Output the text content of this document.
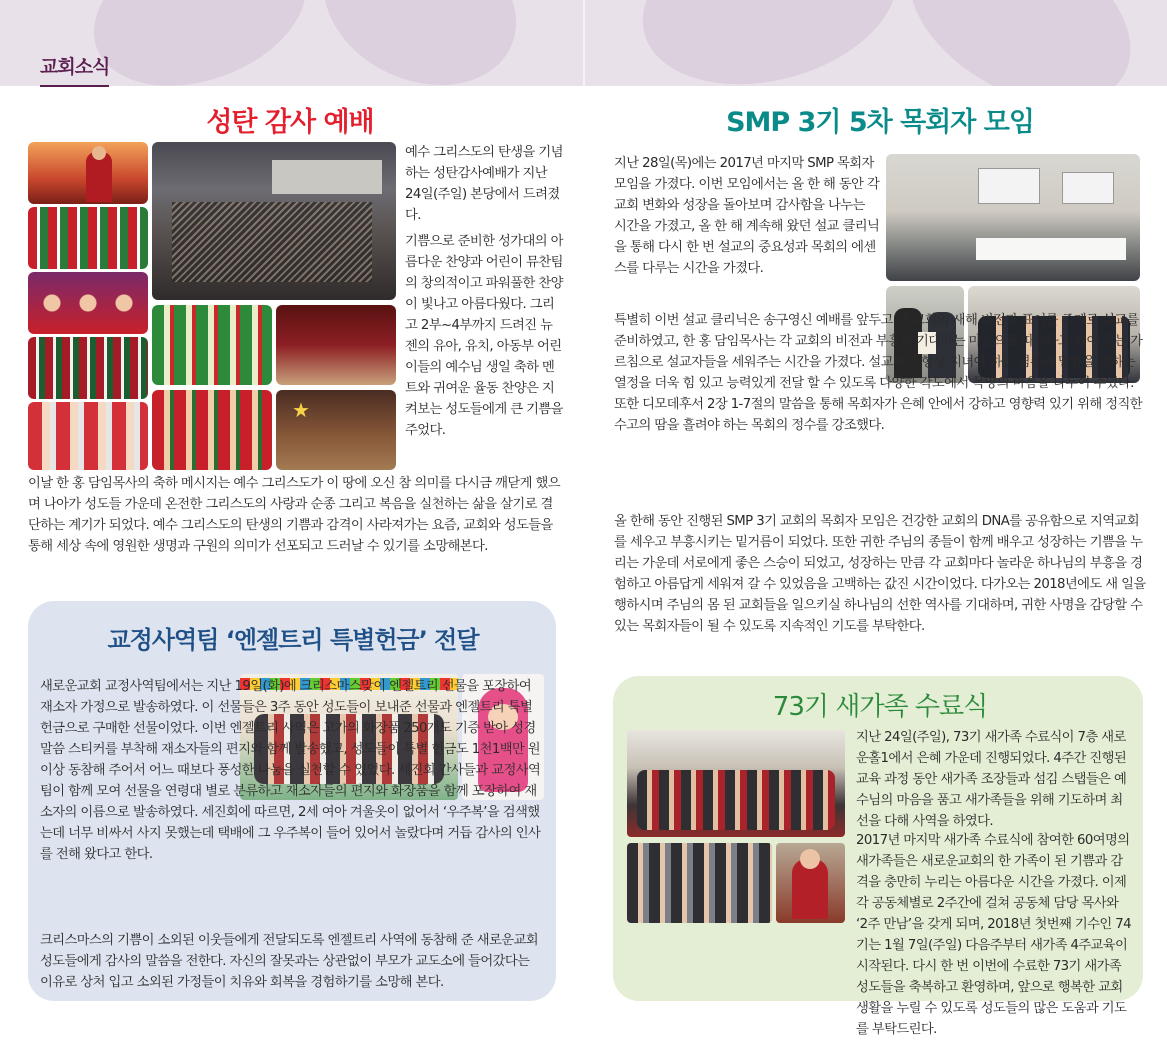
교회소식
성탄 감사 예배
★

예수 그리스도의 탄생을 기념하는 성탄감사예배가 지난 24일(주일) 본당에서 드려졌다.

기쁨으로 준비한 성가대의 아름다운 찬양과 어린이 뮤찬팀의 창의적이고 파워풀한 찬양이 빛나고 아름다웠다. 그리고 2부~4부까지 드려진 뉴젠의 유아, 유치, 아동부 어린이들의 예수님 생일 축하 멘트와 귀여운 율동 찬양은 지켜보는 성도들에게 큰 기쁨을 주었다.

이날 한 홍 담임목사의 축하 메시지는 예수 그리스도가 이 땅에 오신 참 의미를 다시금 깨닫게 했으며 나아가 성도들 가운데 온전한 그리스도의 사랑과 순종 그리고 복음을 실천하는 삶을 살기로 결단하는 계기가 되었다. 예수 그리스도의 탄생의 기쁨과 감격이 사라져가는 요즘, 교회와 성도들을 통해 세상 속에 영원한 생명과 구원의 의미가 선포되고 드러날 수 있기를 소망해본다.

교정사역팀 ‘엔젤트리 특별헌금’ 전달

새로운교회 교정사역팀에서는 지난 19일(화)에 크리스마스맞이 엔젤트리 선물을 포장하여 재소자 가정으로 발송하였다. 이 선물들은 3주 동안 성도들이 보내준 선물과 엔젤트리 특별헌금으로 구매한 선물이었다. 이번 엔젤트리 사역은 고가의 화장품 250개도 기증 받아 성경말씀 스티커를 부착해 재소자들의 편지와 함께 발송했고, 성도들이 특별 헌금도 1천1백만 원 이상 동참해 주어서 어느 때보다 풍성한 나눔을 실천할 수 있었다. 세진회 간사들과 교정사역팀이 함께 모여 선물을 연령대 별로 분류하고 재소자들의 편지와 화장품을 함께 포장하여 재소자의 이름으로 발송하였다. 세진회에 따르면, 2세 여아 겨울옷이 없어서 ‘우주복’을 검색했는데 너무 비싸서 사지 못했는데 택배에 그 우주복이 들어 있어서 놀랐다며 거듭 감사의 인사를 전해 왔다고 한다.

크리스마스의 기쁨이 소외된 이웃들에게 전달되도록 엔젤트리 사역에 동참해 준 새로운교회 성도들에게 감사의 말씀을 전한다. 자신의 잘못과는 상관없이 부모가 교도소에 들어갔다는 이유로 상처 입고 소외된 가정들이 치유와 회복을 경험하기를 소망해 본다.

SMP 3기 5차 목회자 모임

지난 28일(목)에는 2017년 마지막 SMP 목회자 모임을 가졌다. 이번 모임에서는 올 한 해 동안 각 교회 변화와 성장을 돌아보며 감사함을 나누는 시간을 가졌고, 올 한 해 계속해 왔던 설교 클리닉을 통해 다시 한 번 설교의 중요성과 목회의 에센스를 다루는 시간을 가졌다.

특별히 이번 설교 클리닉은 송구영신 예배를 앞두고 각 교회의 새해 비전과 표어를 주제로 설교를 준비하였고, 한 홍 담임목사는 각 교회의 비전과 부흥을 기대하는 마음으로 따뜻하고 깊이 있는 가르침으로 설교자들을 세워주는 시간을 가졌다. 설교자가 항상 지녀야 하는 겸손과 말씀을 전하는 열정을 더욱 힘 있고 능력있게 전달 할 수 있도록 다양한 각도에서 목양의 마음을 나누어 주었다. 또한 디모데후서 2장 1-7절의 말씀을 통해 목회자가 은혜 안에서 강하고 영향력 있기 위해 정직한 수고의 땀을 흘려야 하는 목회의 정수를 강조했다.

올 한해 동안 진행된 SMP 3기 교회의 목회자 모임은 건강한 교회의 DNA를 공유함으로 지역교회를 세우고 부흥시키는 밑거름이 되었다. 또한 귀한 주님의 종들이 함께 배우고 성장하는 기쁨을 누리는 가운데 서로에게 좋은 스승이 되었고, 성장하는 만큼 각 교회마다 놀라운 하나님의 부흥을 경험하고 아름답게 세워져 갈 수 있었음을 고백하는 값진 시간이었다. 다가오는 2018년에도 새 일을 행하시며 주님의 몸 된 교회들을 일으키실 하나님의 선한 역사를 기대하며, 귀한 사명을 감당할 수 있는 목회자들이 될 수 있도록 지속적인 기도를 부탁한다.

73기 새가족 수료식

지난 24일(주일), 73기 새가족 수료식이 7층 새로운홀1에서 은혜 가운데 진행되었다. 4주간 진행된 교육 과정 동안 새가족 조장들과 섬김 스탭들은 예수님의 마음을 품고 새가족들을 위해 기도하며 최선을 다해 사역을 하였다.

2017년 마지막 새가족 수료식에 참여한 60여명의 새가족들은 새로운교회의 한 가족이 된 기쁨과 감격을 충만히 누리는 아름다운 시간을 가졌다. 이제 각 공동체별로 2주간에 걸쳐 공동체 담당 목사와 ‘2주 만남’을 갖게 되며, 2018년 첫번째 기수인 74기는 1월 7일(주일) 다음주부터 새가족 4주교육이 시작된다. 다시 한 번 이번에 수료한 73기 새가족 성도들을 축복하고 환영하며, 앞으로 행복한 교회생활을 누릴 수 있도록 성도들의 많은 도움과 기도를 부탁드린다.
